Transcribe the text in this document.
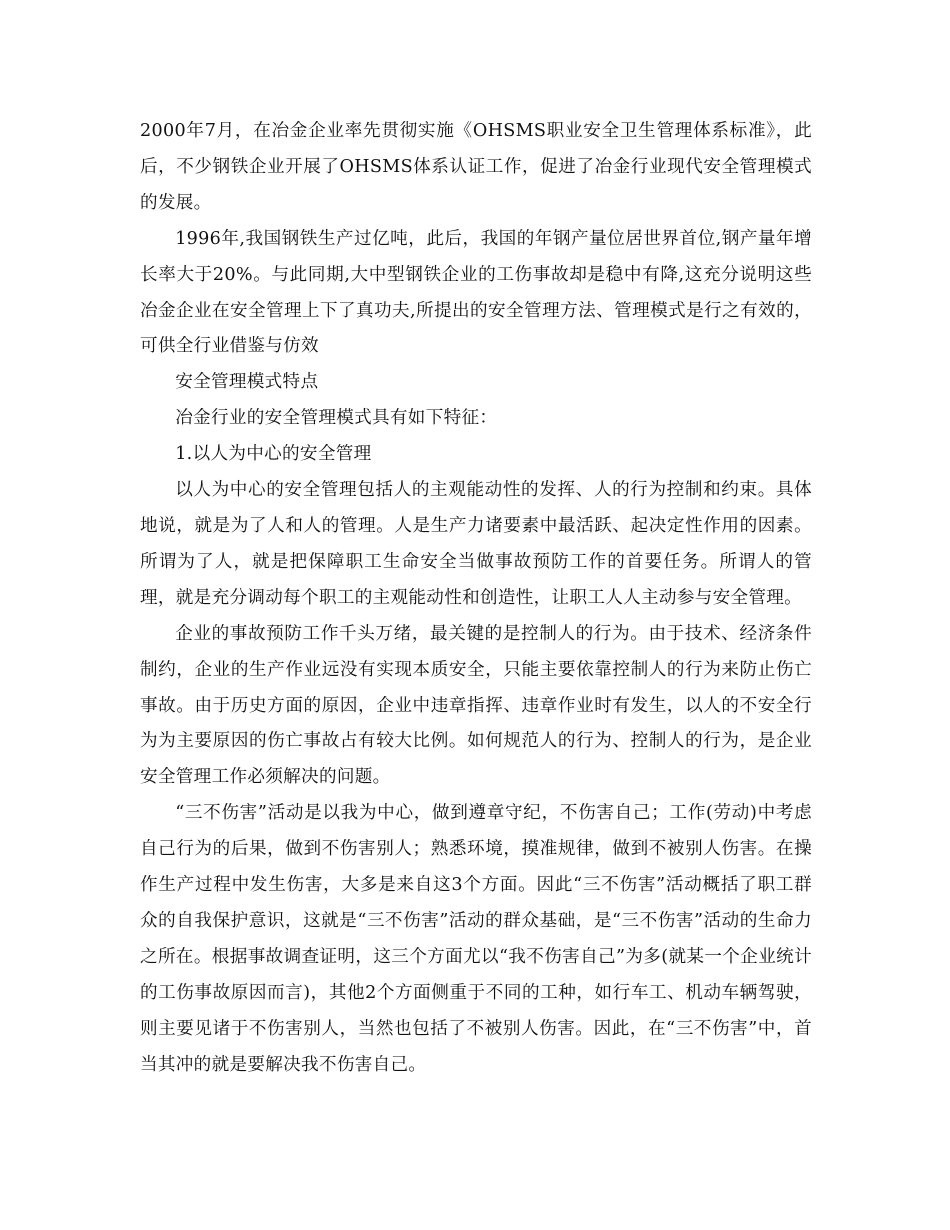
2000年7月，在冶金企业率先贯彻实施《OHSMS职业安全卫生管理体系标准》，此后，不少钢铁企业开展了OHSMS体系认证工作，促进了冶金行业现代安全管理模式的发展。

1996年,我国钢铁生产过亿吨，此后，我国的年钢产量位居世界首位,钢产量年增长率大于20%。与此同期,大中型钢铁企业的工伤事故却是稳中有降,这充分说明这些冶金企业在安全管理上下了真功夫,所提出的安全管理方法、管理模式是行之有效的，可供全行业借鉴与仿效

安全管理模式特点

冶金行业的安全管理模式具有如下特征：

1.以人为中心的安全管理

以人为中心的安全管理包括人的主观能动性的发挥、人的行为控制和约束。具体地说，就是为了人和人的管理。人是生产力诸要素中最活跃、起决定性作用的因素。所谓为了人，就是把保障职工生命安全当做事故预防工作的首要任务。所谓人的管理，就是充分调动每个职工的主观能动性和创造性，让职工人人主动参与安全管理。

企业的事故预防工作千头万绪，最关键的是控制人的行为。由于技术、经济条件制约，企业的生产作业远没有实现本质安全，只能主要依靠控制人的行为来防止伤亡事故。由于历史方面的原因，企业中违章指挥、违章作业时有发生，以人的不安全行为为主要原因的伤亡事故占有较大比例。如何规范人的行为、控制人的行为，是企业安全管理工作必须解决的问题。

“三不伤害”活动是以我为中心，做到遵章守纪，不伤害自己；工作(劳动)中考虑自己行为的后果，做到不伤害别人；熟悉环境，摸准规律，做到不被别人伤害。在操作生产过程中发生伤害，大多是来自这3个方面。因此“三不伤害”活动概括了职工群众的自我保护意识，这就是“三不伤害”活动的群众基础，是“三不伤害”活动的生命力之所在。根据事故调查证明，这三个方面尤以“我不伤害自己”为多(就某一个企业统计的工伤事故原因而言)，其他2个方面侧重于不同的工种，如行车工、机动车辆驾驶，则主要见诸于不伤害别人，当然也包括了不被别人伤害。因此，在“三不伤害”中，首当其冲的就是要解决我不伤害自己。
